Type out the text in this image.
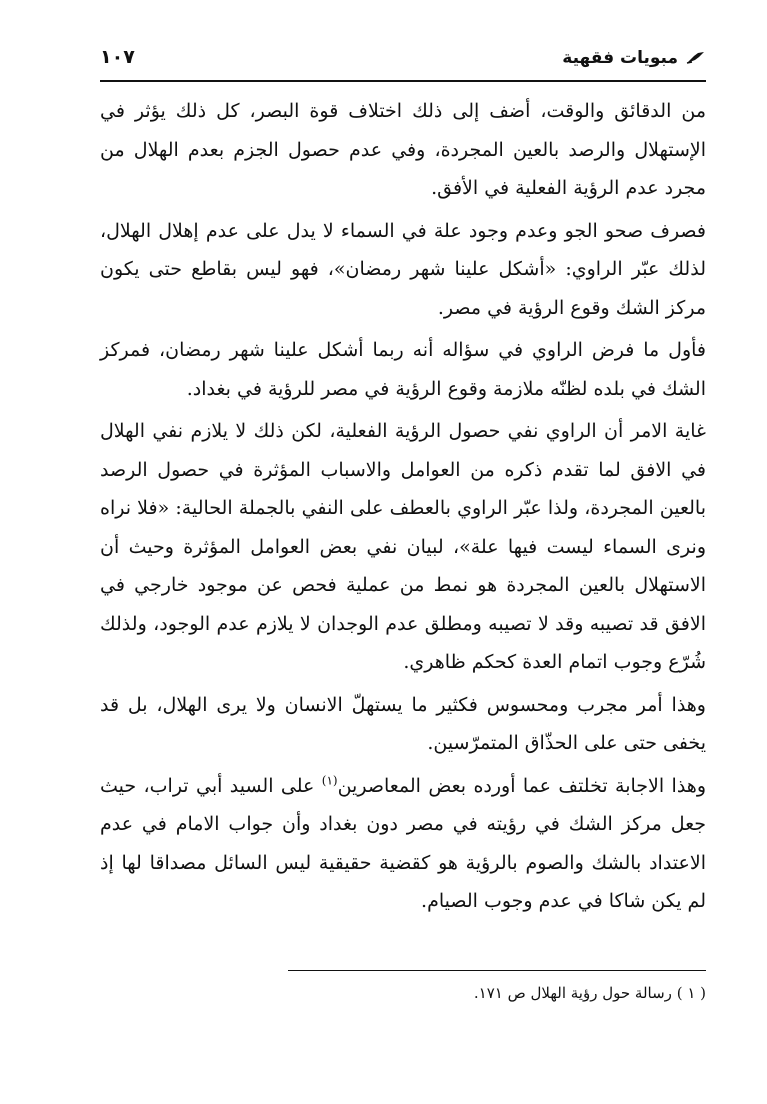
مبويات فقهية
١٠٧

من الدقائق والوقت، أضف إلى ذلك اختلاف قوة البصر، كل ذلك يؤثر في الإستهلال والرصد بالعين المجردة، وفي عدم حصول الجزم بعدم الهلال من مجرد عدم الرؤية الفعلية في الأفق.

فصرف صحو الجو وعدم وجود علة في السماء لا يدل على عدم إهلال الهلال، لذلك عبّر الراوي: «أشكل علينا شهر رمضان»، فهو ليس بقاطع حتى يكون مركز الشك وقوع الرؤية في مصر.

فأول ما فرض الراوي في سؤاله أنه ربما أشكل علينا شهر رمضان، فمركز الشك في بلده لظنّه ملازمة وقوع الرؤية في مصر للرؤية في بغداد.

غاية الامر أن الراوي نفي حصول الرؤية الفعلية، لكن ذلك لا يلازم نفي الهلال في الافق لما تقدم ذكره من العوامل والاسباب المؤثرة في حصول الرصد بالعين المجردة، ولذا عبّر الراوي بالعطف على النفي بالجملة الحالية: «فلا نراه ونرى السماء ليست فيها علة»، لبيان نفي بعض العوامل المؤثرة وحيث أن الاستهلال بالعين المجردة هو نمط من عملية فحص عن موجود خارجي في الافق قد تصيبه وقد لا تصيبه ومطلق عدم الوجدان لا يلازم عدم الوجود، ولذلك شُرّع وجوب اتمام العدة كحكم ظاهري.

وهذا أمر مجرب ومحسوس فكثير ما يستهلّ الانسان ولا يرى الهلال، بل قد يخفى حتى على الحذّاق المتمرّسين.

وهذا الاجابة تخلتف عما أورده بعض المعاصرين$^{(١)}$ على السيد أبي تراب، حيث جعل مركز الشك في رؤيته في مصر دون بغداد وأن جواب الامام في عدم الاعتداد بالشك والصوم بالرؤية هو كقضية حقيقية ليس السائل مصداقا لها إذ لم يكن شاكا في عدم وجوب الصيام.

( ١ ) رسالة حول رؤية الهلال ص ١٧١.
